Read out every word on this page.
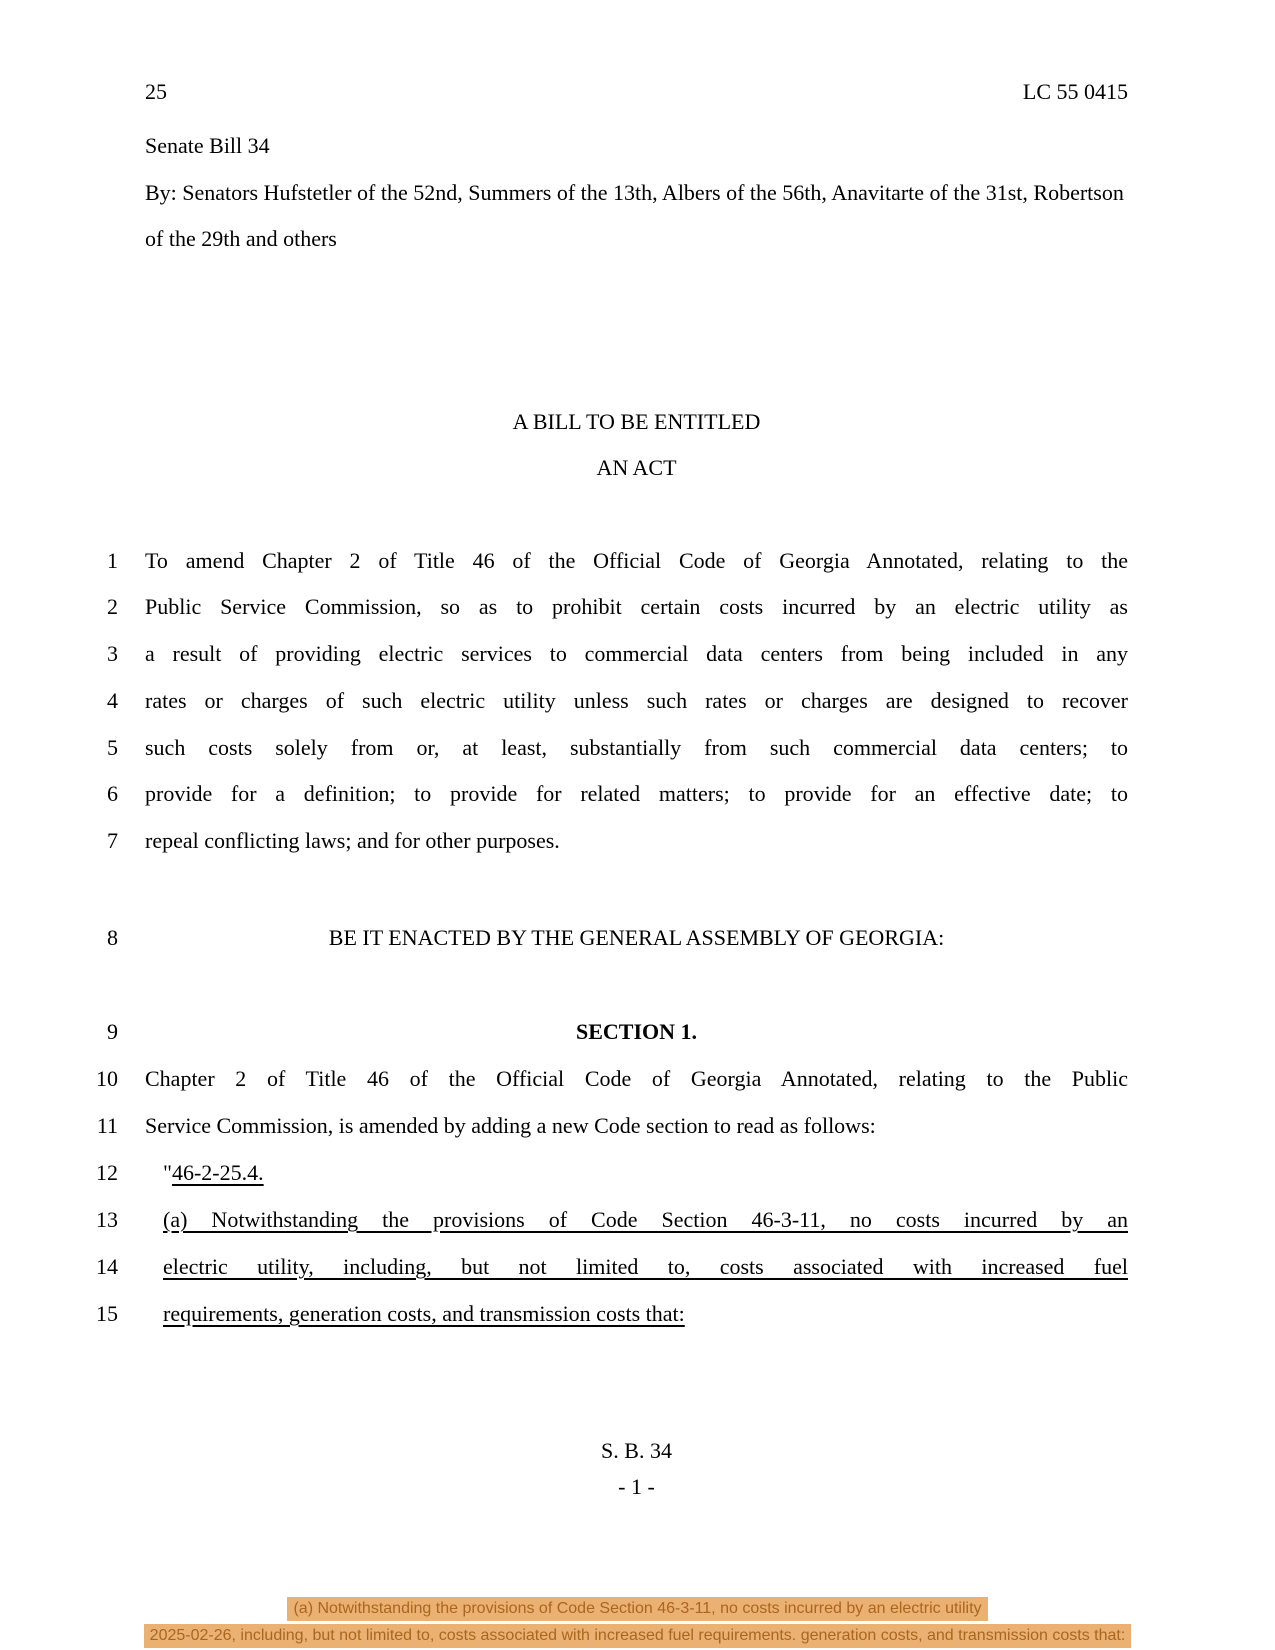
25	LC 55 0415
Senate Bill 34
By: Senators Hufstetler of the 52nd, Summers of the 13th, Albers of the 56th, Anavitarte of the 31st, Robertson of the 29th and others
A BILL TO BE ENTITLED
AN ACT
1 To amend Chapter 2 of Title 46 of the Official Code of Georgia Annotated, relating to the
2 Public Service Commission, so as to prohibit certain costs incurred by an electric utility as
3 a result of providing electric services to commercial data centers from being included in any
4 rates or charges of such electric utility unless such rates or charges are designed to recover
5 such costs solely from or, at least, substantially from such commercial data centers; to
6 provide for a definition; to provide for related matters; to provide for an effective date; to
7 repeal conflicting laws; and for other purposes.
8	BE IT ENACTED BY THE GENERAL ASSEMBLY OF GEORGIA:
9	SECTION 1.
10 Chapter 2 of Title 46 of the Official Code of Georgia Annotated, relating to the Public
11 Service Commission, is amended by adding a new Code section to read as follows:
12 "46-2-25.4.
13 (a) Notwithstanding the provisions of Code Section 46-3-11, no costs incurred by an
14 electric utility, including, but not limited to, costs associated with increased fuel
15 requirements, generation costs, and transmission costs that:
S. B. 34
- 1 -
(a) Notwithstanding the provisions of Code Section 46-3-11, no costs incurred by an electric utility
2025-02-26, including, but not limited to, costs associated with increased fuel requirements. generation costs, and transmission costs that:
